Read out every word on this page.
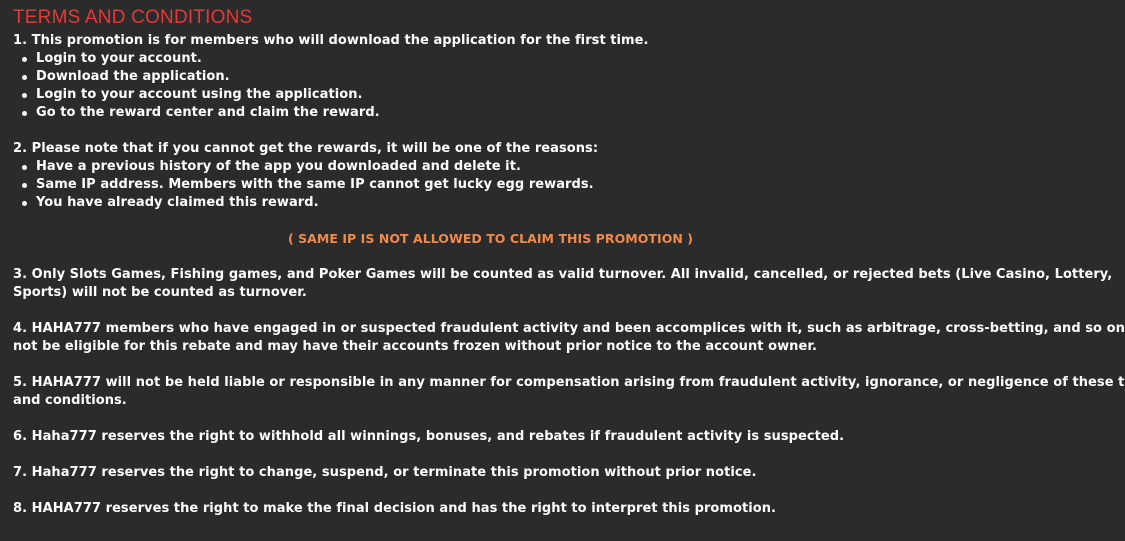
TERMS AND CONDITIONS
1. This promotion is for members who will download the application for the first time.
Login to your account.
Download the application.
Login to your account using the application.
Go to the reward center and claim the reward.
2. Please note that if you cannot get the rewards, it will be one of the reasons:
Have a previous history of the app you downloaded and delete it.
Same IP address. Members with the same IP cannot get lucky egg rewards.
You have already claimed this reward.
( SAME IP IS NOT ALLOWED TO CLAIM THIS PROMOTION )
3. Only Slots Games, Fishing games, and Poker Games will be counted as valid turnover. All invalid, cancelled, or rejected bets (Live Casino, Lottery,
Sports) will not be counted as turnover.
4. HAHA777 members who have engaged in or suspected fraudulent activity and been accomplices with it, such as arbitrage, cross-betting, and so on
not be eligible for this rebate and may have their accounts frozen without prior notice to the account owner.
5. HAHA777 will not be held liable or responsible in any manner for compensation arising from fraudulent activity, ignorance, or negligence of these t
and conditions.
6. Haha777 reserves the right to withhold all winnings, bonuses, and rebates if fraudulent activity is suspected.
7. Haha777 reserves the right to change, suspend, or terminate this promotion without prior notice.
8. HAHA777 reserves the right to make the final decision and has the right to interpret this promotion.
